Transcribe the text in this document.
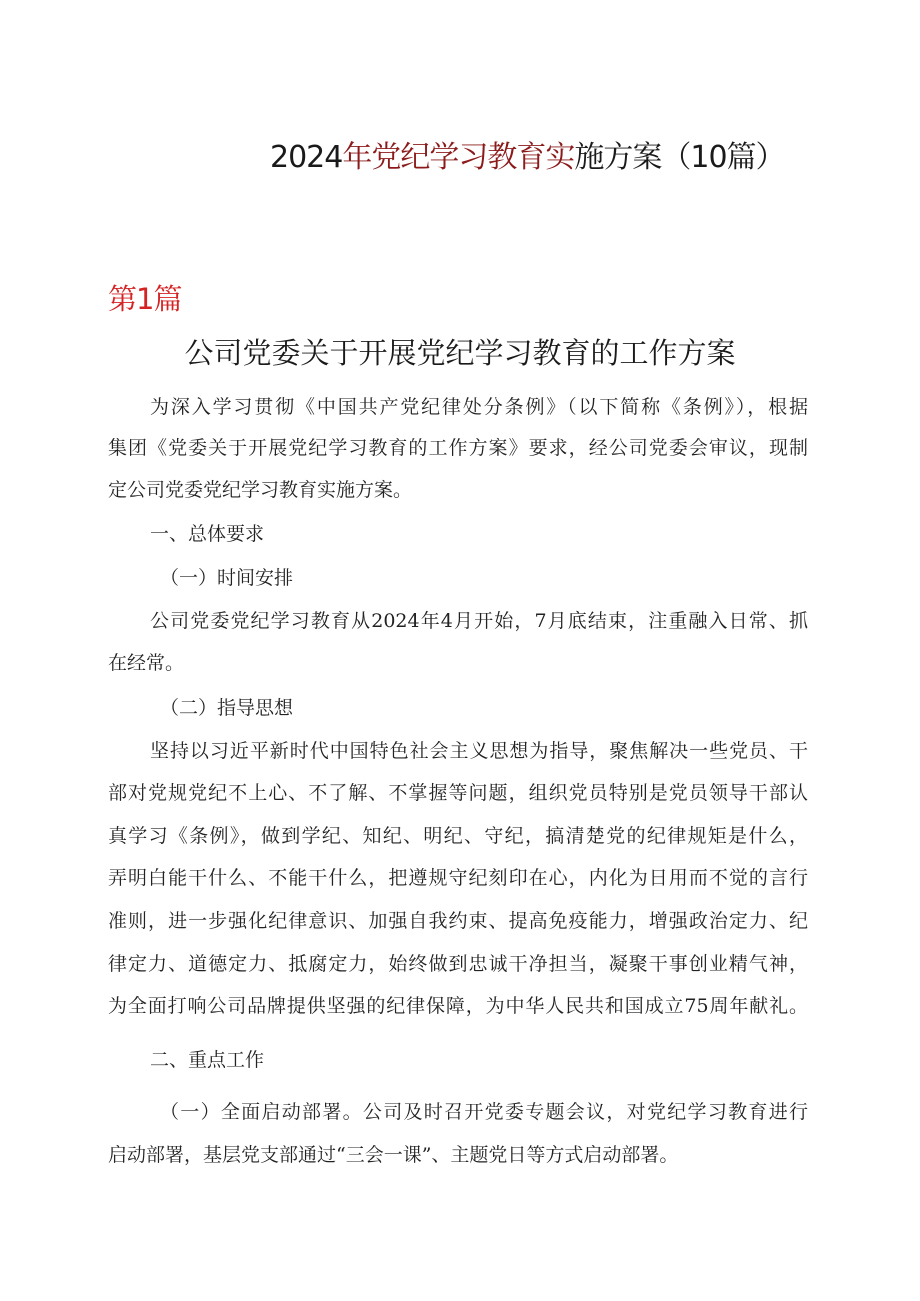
2024年党纪学习教育实施方案（10篇）
第1篇
公司党委关于开展党纪学习教育的工作方案
为深入学习贯彻《中国共产党纪律处分条例》（以下简称《条例》），根据
集团《党委关于开展党纪学习教育的工作方案》要求，经公司党委会审议，现制
定公司党委党纪学习教育实施方案。
一、总体要求
（一）时间安排
公司党委党纪学习教育从2024年4月开始，7月底结束，注重融入日常、抓
在经常。
（二）指导思想
坚持以习近平新时代中国特色社会主义思想为指导，聚焦解决一些党员、干
部对党规党纪不上心、不了解、不掌握等问题，组织党员特别是党员领导干部认
真学习《条例》，做到学纪、知纪、明纪、守纪，搞清楚党的纪律规矩是什么，
弄明白能干什么、不能干什么，把遵规守纪刻印在心，内化为日用而不觉的言行
准则，进一步强化纪律意识、加强自我约束、提高免疫能力，增强政治定力、纪
律定力、道德定力、抵腐定力，始终做到忠诚干净担当，凝聚干事创业精气神，
为全面打响公司品牌提供坚强的纪律保障，为中华人民共和国成立75周年献礼。
二、重点工作
（一）全面启动部署。公司及时召开党委专题会议，对党纪学习教育进行
启动部署，基层党支部通过“三会一课”、主题党日等方式启动部署。
